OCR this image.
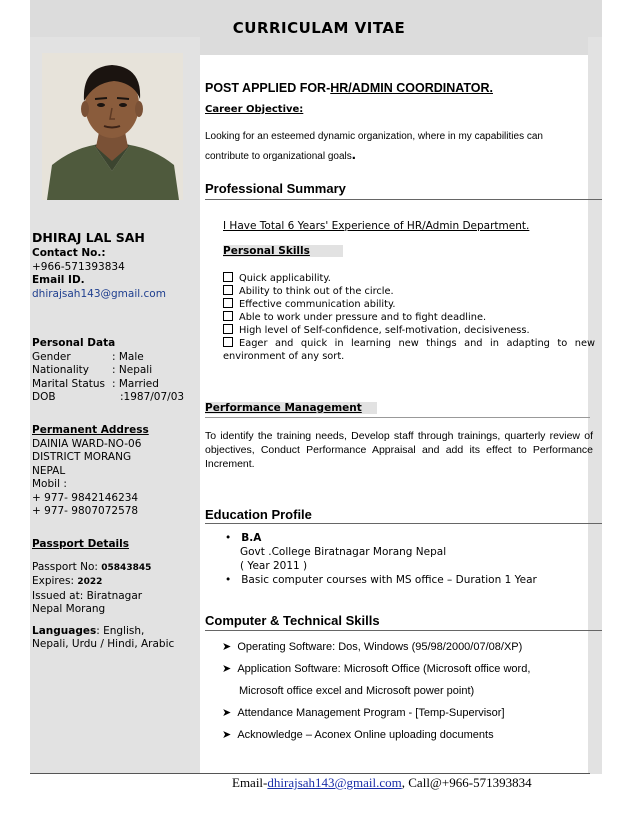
CURRICULAM VITAE
DHIRAJ LAL SAH
Contact No.:
+966-571393834
Email ID.
dhirajsah143@gmail.com
Personal Data
Gender	: Male
Nationality	: Nepali
Marital Status : Married
DOB	:1987/07/03
Permanent Address
DAINIA WARD-NO-06
DISTRICT MORANG
NEPAL
Mobil :
+ 977- 9842146234
+ 977- 9807072578
Passport Details
Passport No: 05843845
Expires: 2022
Issued at: Biratnagar
Nepal Morang
Languages: English,
Nepali, Urdu / Hindi, Arabic
POST APPLIED FOR-HR/ADMIN COORDINATOR.
Career Objective:
Looking for an esteemed dynamic organization, where in my capabilities can
contribute to organizational goals.
Professional Summary
I Have Total 6 Years' Experience of HR/Admin Department.
Personal Skills
Quick applicability.
Ability to think out of the circle.
Effective communication ability.
Able to work under pressure and to fight deadline.
High level of Self-confidence, self-motivation, decisiveness.
Eager and quick in learning new things and in adapting to new environment of any sort.
Performance Management
To identify the training needs, Develop staff through trainings, quarterly review of objectives, Conduct Performance Appraisal and add its effect to Performance Increment.
Education Profile
• B.A
Govt .College Biratnagar Morang Nepal
( Year 2011 )
• Basic computer courses with MS office – Duration 1 Year
Computer & Technical Skills
➤ Operating Software: Dos, Windows (95/98/2000/07/08/XP)
➤ Application Software: Microsoft Office (Microsoft office word,
Microsoft office excel and Microsoft power point)
➤ Attendance Management Program - [Temp-Supervisor]
➤ Acknowledge – Aconex Online uploading documents
Email-dhirajsah143@gmail.com, Call@+966-571393834
